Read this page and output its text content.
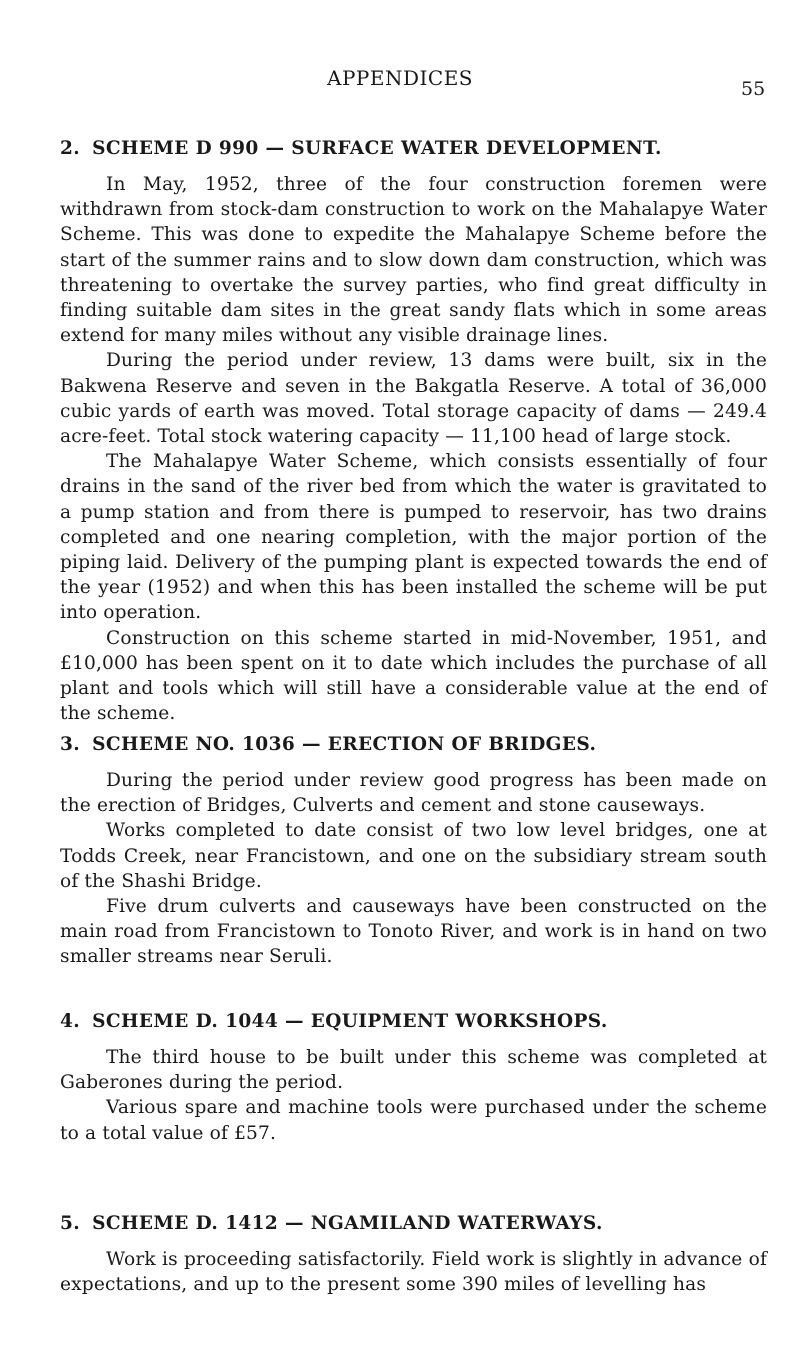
APPENDICES	55
2. SCHEME D 990 — SURFACE WATER DEVELOPMENT.

In May, 1952, three of the four construction foremen were withdrawn from stock-dam construction to work on the Mahalapye Water Scheme. This was done to expedite the Mahalapye Scheme before the start of the summer rains and to slow down dam construction, which was threatening to overtake the survey parties, who find great difficulty in finding suitable dam sites in the great sandy flats which in some areas extend for many miles without any visible drainage lines.

During the period under review, 13 dams were built, six in the Bakwena Reserve and seven in the Bakgatla Reserve. A total of 36,000 cubic yards of earth was moved. Total storage capacity of dams — 249.4 acre-feet. Total stock watering capacity — 11,100 head of large stock.

The Mahalapye Water Scheme, which consists essentially of four drains in the sand of the river bed from which the water is gravitated to a pump station and from there is pumped to reservoir, has two drains completed and one nearing completion, with the major portion of the piping laid. Delivery of the pumping plant is expected towards the end of the year (1952) and when this has been installed the scheme will be put into operation.

Construction on this scheme started in mid-November, 1951, and £10,000 has been spent on it to date which includes the purchase of all plant and tools which will still have a considerable value at the end of the scheme.

3. SCHEME NO. 1036 — ERECTION OF BRIDGES.

During the period under review good progress has been made on the erection of Bridges, Culverts and cement and stone causeways.

Works completed to date consist of two low level bridges, one at Todds Creek, near Francistown, and one on the subsidiary stream south of the Shashi Bridge.

Five drum culverts and causeways have been constructed on the main road from Francistown to Tonoto River, and work is in hand on two smaller streams near Seruli.

4. SCHEME D. 1044 — EQUIPMENT WORKSHOPS.

The third house to be built under this scheme was completed at Gaberones during the period.

Various spare and machine tools were purchased under the scheme to a total value of £57.

5. SCHEME D. 1412 — NGAMILAND WATERWAYS.

Work is proceeding satisfactorily. Field work is slightly in advance of expectations, and up to the present some 390 miles of levelling has
